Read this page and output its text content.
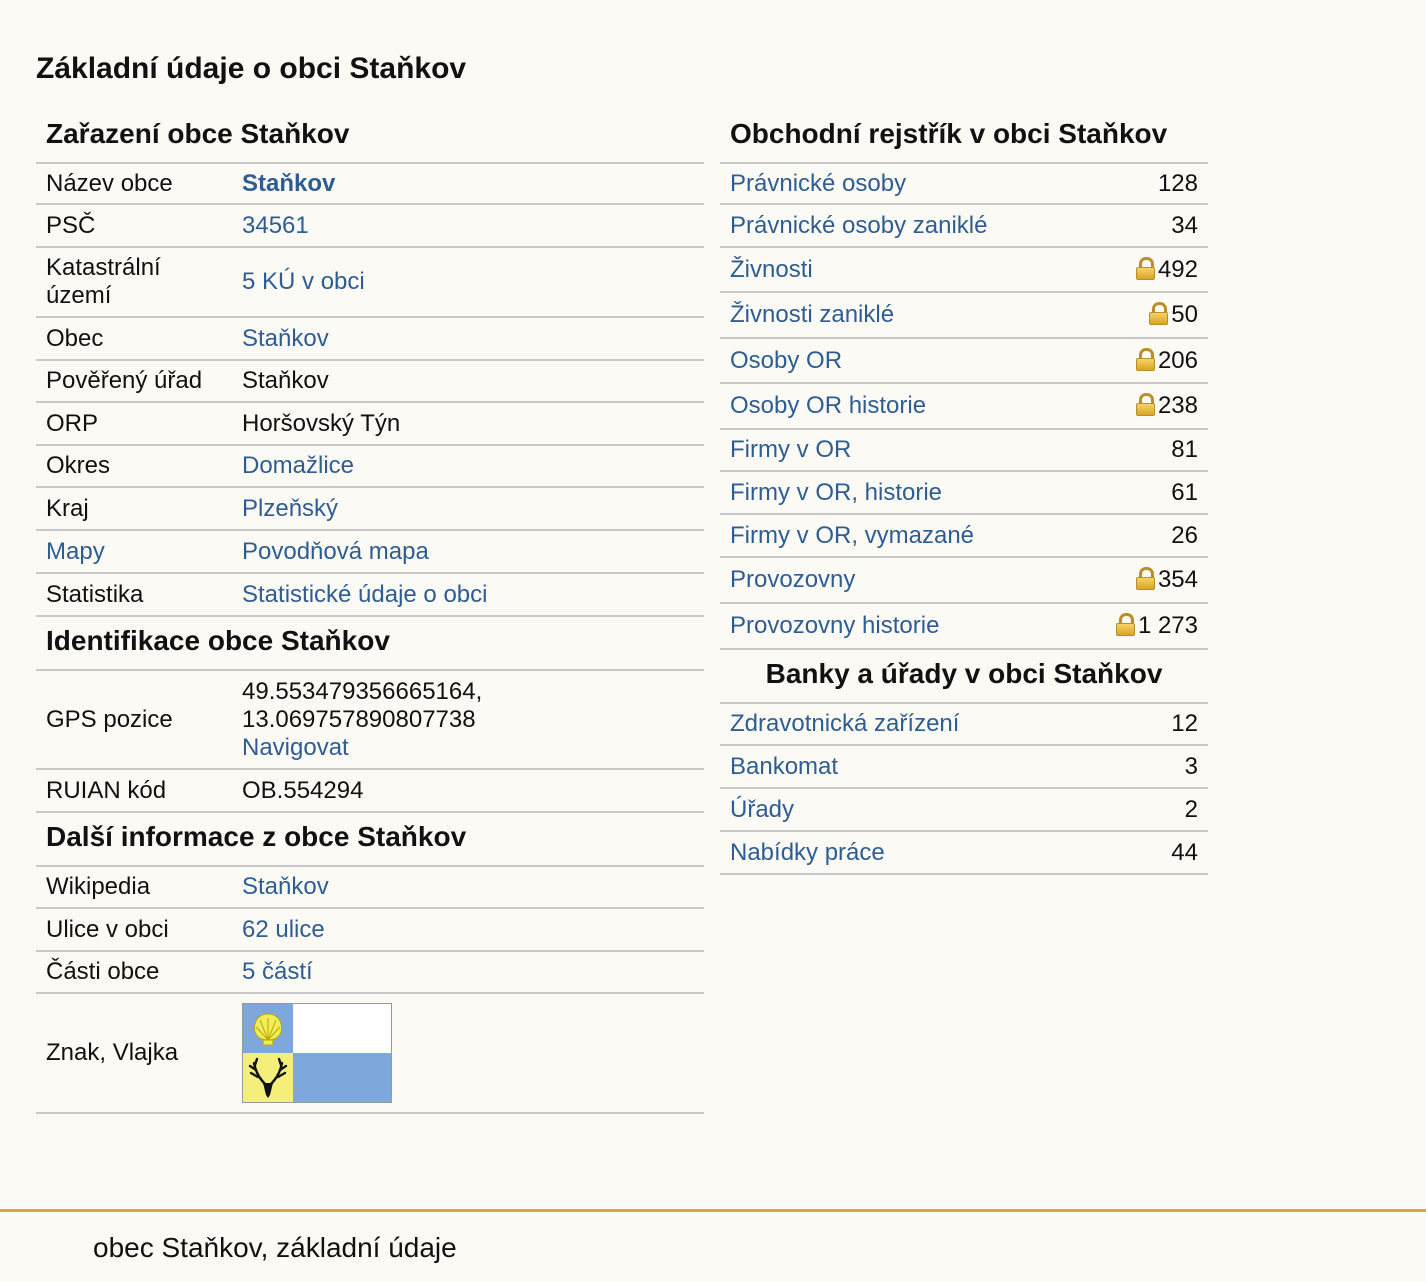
Základní údaje o obci Staňkov
Zařazení obce Staňkov
Název obce	Staňkov
PSČ	34561
Katastrální území	5 KÚ v obci
Obec	Staňkov
Pověřený úřad	Staňkov
ORP	Horšovský Týn
Okres	Domažlice
Kraj	Plzeňský
Mapy	Povodňová mapa
Statistika	Statistické údaje o obci
Identifikace obce Staňkov
GPS pozice	49.553479356665164,
13.069757890807738
Navigovat
RUIAN kód	OB.554294
Další informace z obce Staňkov
Wikipedia	Staňkov
Ulice v obci	62 ulice
Části obce	5 částí
Znak, Vlajka	
Obchodní rejstřík v obci Staňkov
Právnické osoby	128
Právnické osoby zaniklé	34
Živnosti	492
Živnosti zaniklé	50
Osoby OR	206
Osoby OR historie	238
Firmy v OR	81
Firmy v OR, historie	61
Firmy v OR, vymazané	26
Provozovny	354
Provozovny historie	1 273
Banky a úřady v obci Staňkov
Zdravotnická zařízení	12
Bankomat	3
Úřady	2
Nabídky práce	44
obec Staňkov, základní údaje
